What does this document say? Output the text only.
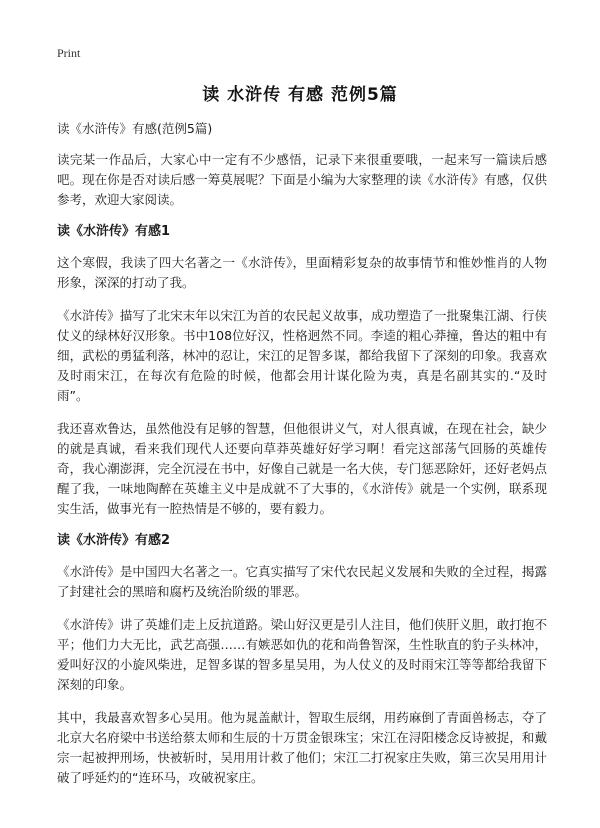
Print
读 水浒传 有感 范例5篇
读《水浒传》有感(范例5篇)

读完某一作品后，大家心中一定有不少感悟，记录下来很重要哦，一起来写一篇读后感吧。现在你是否对读后感一筹莫展呢？下面是小编为大家整理的读《水浒传》有感，仅供参考，欢迎大家阅读。

读《水浒传》有感1

这个寒假，我读了四大名著之一《水浒传》，里面精彩复杂的故事情节和惟妙惟肖的人物形象，深深的打动了我。

《水浒传》描写了北宋末年以宋江为首的农民起义故事，成功塑造了一批聚集江湖、行侠仗义的绿林好汉形象。书中108位好汉，性格迥然不同。李逵的粗心莽撞，鲁达的粗中有细，武松的勇猛利落，林冲的忍让，宋江的足智多谋，都给我留下了深刻的印象。我喜欢及时雨宋江，在每次有危险的时候，他都会用计谋化险为夷，真是名副其实的.“及时雨”。

我还喜欢鲁达，虽然他没有足够的智慧，但他很讲义气，对人很真诚，在现在社会，缺少的就是真诚，看来我们现代人还要向草莽英雄好好学习啊！看完这部荡气回肠的英雄传奇，我心潮澎湃，完全沉浸在书中，好像自己就是一名大侠，专门惩恶除奸，还好老妈点醒了我，一味地陶醉在英雄主义中是成就不了大事的，《水浒传》就是一个实例，联系现实生活，做事光有一腔热情是不够的，要有毅力。

读《水浒传》有感2

《水浒传》是中国四大名著之一。它真实描写了宋代农民起义发展和失败的全过程，揭露了封建社会的黑暗和腐朽及统治阶级的罪恶。

《水浒传》讲了英雄们走上反抗道路。梁山好汉更是引人注目，他们侠肝义胆，敢打抱不平；他们力大无比，武艺高强……有嫉恶如仇的花和尚鲁智深，生性耿直的豹子头林冲，爱叫好汉的小旋风柴进，足智多谋的智多星吴用，为人仗义的及时雨宋江等等都给我留下深刻的印象。

其中，我最喜欢智多心吴用。他为晁盖献计，智取生辰纲，用药麻倒了青面兽杨志，夺了北京大名府梁中书送给蔡太师和生辰的十万贯金银珠宝；宋江在浔阳楼念反诗被捉，和戴宗一起被押刑场，快被斩时，吴用用计救了他们；宋江二打祝家庄失败，第三次吴用用计破了呼延灼的“连环马，攻破祝家庄。
